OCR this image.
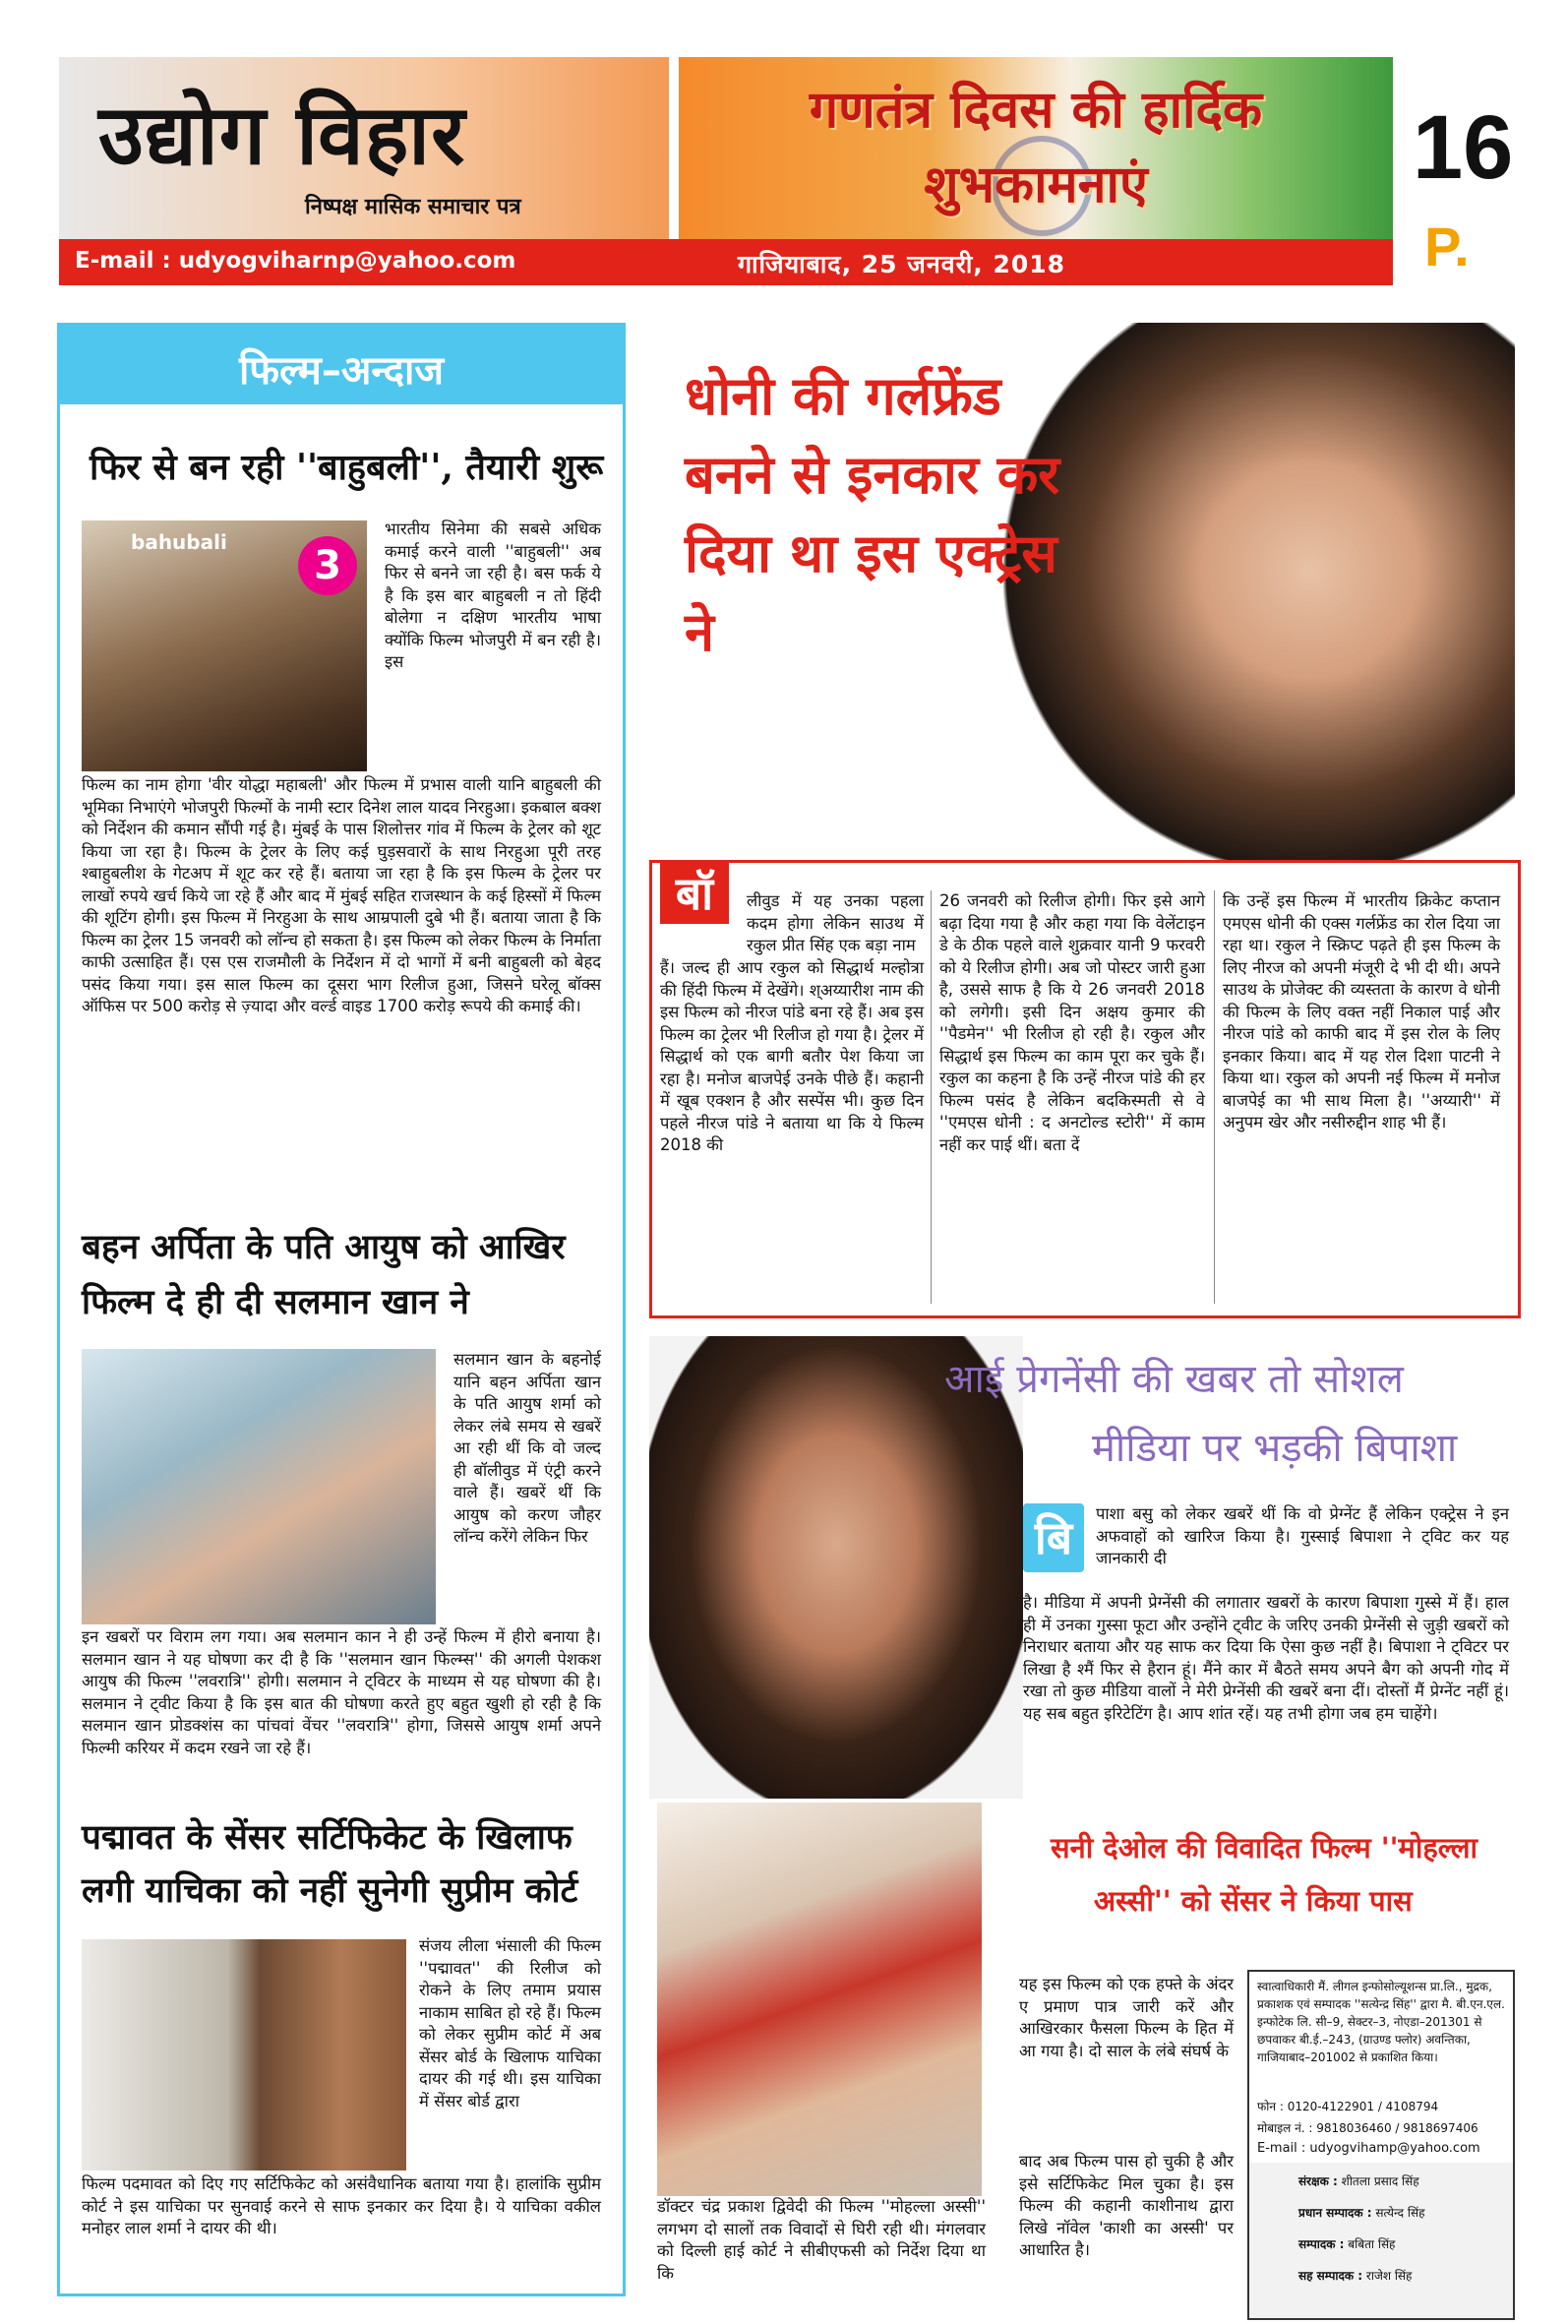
उद्योग विहार
निष्पक्ष मासिक समाचार पत्र
गणतंत्र दिवस की हार्दिक
शुभकामनाएं	16
P.
E-mail : udyogviharnp@yahoo.com	गाजियाबाद, 25 जनवरी, 2018
फिल्म–अन्दाज
फिर से बन रही ''बाहुबली'', तैयारी शुरू
bahubali
3
भारतीय सिनेमा की सबसे अधिक कमाई करने वाली ''बाहुबली'' अब फिर से बनने जा रही है। बस फर्क ये है कि इस बार बाहुबली न तो हिंदी बोलेगा न दक्षिण भारतीय भाषा क्योंकि फिल्म भोजपुरी में बन रही है। इस
फिल्म का नाम होगा 'वीर योद्धा महाबली' और फिल्म में प्रभास वाली यानि बाहुबली की भूमिका निभाएंगे भोजपुरी फिल्मों के नामी स्टार दिनेश लाल यादव निरहुआ। इकबाल बक्श को निर्देशन की कमान सौंपी गई है। मुंबई के पास शिलोत्तर गांव में फिल्म के ट्रेलर को शूट किया जा रहा है। फिल्म के ट्रेलर के लिए कई घुड़सवारों के साथ निरहुआ पूरी तरह श्बाहुबलीश के गेटअप में शूट कर रहे हैं। बताया जा रहा है कि इस फिल्म के ट्रेलर पर लाखों रुपये खर्च किये जा रहे हैं और बाद में मुंबई सहित राजस्थान के कई हिस्सों में फिल्म की शूटिंग होगी। इस फिल्म में निरहुआ के साथ आम्रपाली दुबे भी हैं। बताया जाता है कि फिल्म का ट्रेलर 15 जनवरी को लॉन्च हो सकता है। इस फिल्म को लेकर फिल्म के निर्माता काफी उत्साहित हैं। एस एस राजमौली के निर्देशन में दो भागों में बनी बाहुबली को बेहद पसंद किया गया। इस साल फिल्म का दूसरा भाग रिलीज हुआ, जिसने घरेलू बॉक्स ऑफिस पर 500 करोड़ से ज़्यादा और वर्ल्ड वाइड 1700 करोड़ रूपये की कमाई की।
बहन अर्पिता के पति आयुष को आखिर
फिल्म दे ही दी सलमान खान ने
सलमान खान के बहनोई यानि बहन अर्पिता खान के पति आयुष शर्मा को लेकर लंबे समय से खबरें आ रही थीं कि वो जल्द ही बॉलीवुड में एंट्री करने वाले हैं। खबरें थीं कि आयुष को करण जौहर लॉन्च करेंगे लेकिन फिर
इन खबरों पर विराम लग गया। अब सलमान कान ने ही उन्हें फिल्म में हीरो बनाया है। सलमान खान ने यह घोषणा कर दी है कि ''सलमान खान फिल्म्स'' की अगली पेशकश आयुष की फिल्म ''लवरात्रि'' होगी। सलमान ने ट्विटर के माध्यम से यह घोषणा की है। सलमान ने ट्वीट किया है कि इस बात की घोषणा करते हुए बहुत खुशी हो रही है कि सलमान खान प्रोडक्शंस का पांचवां वेंचर ''लवरात्रि'' होगा, जिससे आयुष शर्मा अपने फिल्मी करियर में कदम रखने जा रहे हैं।
पद्मावत के सेंसर सर्टिफिकेट के खिलाफ
लगी याचिका को नहीं सुनेगी सुप्रीम कोर्ट
संजय लीला भंसाली की फिल्म ''पद्मावत'' की रिलीज को रोकने के लिए तमाम प्रयास नाकाम साबित हो रहे हैं। फिल्म को लेकर सुप्रीम कोर्ट में अब सेंसर बोर्ड के खिलाफ याचिका दायर की गई थी। इस याचिका में सेंसर बोर्ड द्वारा
फिल्म पदमावत को दिए गए सर्टिफिकेट को असंवैधानिक बताया गया है। हालांकि सुप्रीम कोर्ट ने इस याचिका पर सुनवाई करने से साफ इनकार कर दिया है। ये याचिका वकील मनोहर लाल शर्मा ने दायर की थी।
धोनी की गर्लफ्रेंड बनने से इनकार कर दिया था इस एक्ट्रेस ने
बॉ	लीवुड में यह उनका पहला कदम होगा लेकिन साउथ में रकुल प्रीत सिंह एक बड़ा नाम
हैं। जल्द ही आप रकुल को सिद्धार्थ मल्होत्रा की हिंदी फिल्म में देखेंगे। श्अय्यारीश नाम की इस फिल्म को नीरज पांडे बना रहे हैं। अब इस फिल्म का ट्रेलर भी रिलीज हो गया है। ट्रेलर में सिद्धार्थ को एक बागी बतौर पेश किया जा रहा है। मनोज बाजपेई उनके पीछे हैं। कहानी में खूब एक्शन है और सस्पेंस भी। कुछ दिन पहले नीरज पांडे ने बताया था कि ये फिल्म 2018 की
26 जनवरी को रिलीज होगी। फिर इसे आगे बढ़ा दिया गया है और कहा गया कि वेलेंटाइन डे के ठीक पहले वाले शुक्रवार यानी 9 फरवरी को ये रिलीज होगी। अब जो पोस्टर जारी हुआ है, उससे साफ है कि ये 26 जनवरी 2018 को लगेगी। इसी दिन अक्षय कुमार की ''पैडमेन'' भी रिलीज हो रही है। रकुल और सिद्धार्थ इस फिल्म का काम पूरा कर चुके हैं। रकुल का कहना है कि उन्हें नीरज पांडे की हर फिल्म पसंद है लेकिन बदकिस्मती से वे ''एमएस धोनी : द अनटोल्ड स्टोरी'' में काम नहीं कर पाई थीं। बता दें
कि उन्हें इस फिल्म में भारतीय क्रिकेट कप्तान एमएस धोनी की एक्स गर्लफ्रेंड का रोल दिया जा रहा था। रकुल ने स्क्रिप्ट पढ़ते ही इस फिल्म के लिए नीरज को अपनी मंजूरी दे भी दी थी। अपने साउथ के प्रोजेक्ट की व्यस्तता के कारण वे धोनी की फिल्म के लिए वक्त नहीं निकाल पाई और नीरज पांडे को काफी बाद में इस रोल के लिए इनकार किया। बाद में यह रोल दिशा पाटनी ने किया था। रकुल को अपनी नई फिल्म में मनोज बाजपेई का भी साथ मिला है। ''अय्यारी'' में अनुपम खेर और नसीरुद्दीन शाह भी हैं।
आई प्रेगनेंसी की खबर तो सोशल
मीडिया पर भड़की बिपाशा
बि	पाशा बसु को लेकर खबरें थीं कि वो प्रेग्नेंट हैं लेकिन एक्ट्रेस ने इन अफवाहों को खारिज किया है। गुस्साई बिपाशा ने ट्विट कर यह जानकारी दी
है। मीडिया में अपनी प्रेग्नेंसी की लगातार खबरों के कारण बिपाशा गुस्से में हैं। हाल ही में उनका गुस्सा फूटा और उन्होंने ट्वीट के जरिए उनकी प्रेग्नेंसी से जुड़ी खबरों को निराधार बताया और यह साफ कर दिया कि ऐसा कुछ नहीं है। बिपाशा ने ट्विटर पर लिखा है श्मैं फिर से हैरान हूं। मैंने कार में बैठते समय अपने बैग को अपनी गोद में रखा तो कुछ मीडिया वालों ने मेरी प्रेग्नेंसी की खबरें बना दीं। दोस्तों मैं प्रेग्नेंट नहीं हूं। यह सब बहुत इरिटेटिंग है। आप शांत रहें। यह तभी होगा जब हम चाहेंगे।
सनी देओल की विवादित फिल्म ''मोहल्ला
अस्सी'' को सेंसर ने किया पास
यह इस फिल्म को एक हफ्ते के अंदर ए प्रमाण पात्र जारी करें और आखिरकार फैसला फिल्म के हित में आ गया है। दो साल के लंबे संघर्ष के
डॉक्टर चंद्र प्रकाश द्विवेदी की फिल्म ''मोहल्ला अस्सी'' लगभग दो सालों तक विवादों से घिरी रही थी। मंगलवार को दिल्ली हाई कोर्ट ने सीबीएफसी को निर्देश दिया था कि
बाद अब फिल्म पास हो चुकी है और इसे सर्टिफिकेट मिल चुका है। इस फिल्म की कहानी काशीनाथ द्वारा लिखे नॉवेल 'काशी का अस्सी' पर आधारित है।
स्वात्वाधिकारी मैं. लीगल इन्फोसोल्यूशन्स प्रा.लि., मुद्रक, प्रकाशक एवं सम्पादक ''सत्येन्द्र सिंह'' द्वारा मै. बी.एन.एल. इन्फोटेक लि. सी–9, सेक्टर–3, नोएडा–201301 से छपवाकर बी.ई.–243, (ग्राउण्ड फ्लोर) अवन्तिका, गाजियाबाद–201002 से प्रकाशित किया।
फोन : 0120-4122901 / 4108794
मोबाइल नं. : 9818036460 / 9818697406
E-mail : udyogvihamp@yahoo.com
संरक्षक : शीतला प्रसाद सिंह
प्रधान सम्पादक : सत्येन्द सिंह
सम्पादक : बबिता सिंह
सह सम्पादक : राजेश सिंह
